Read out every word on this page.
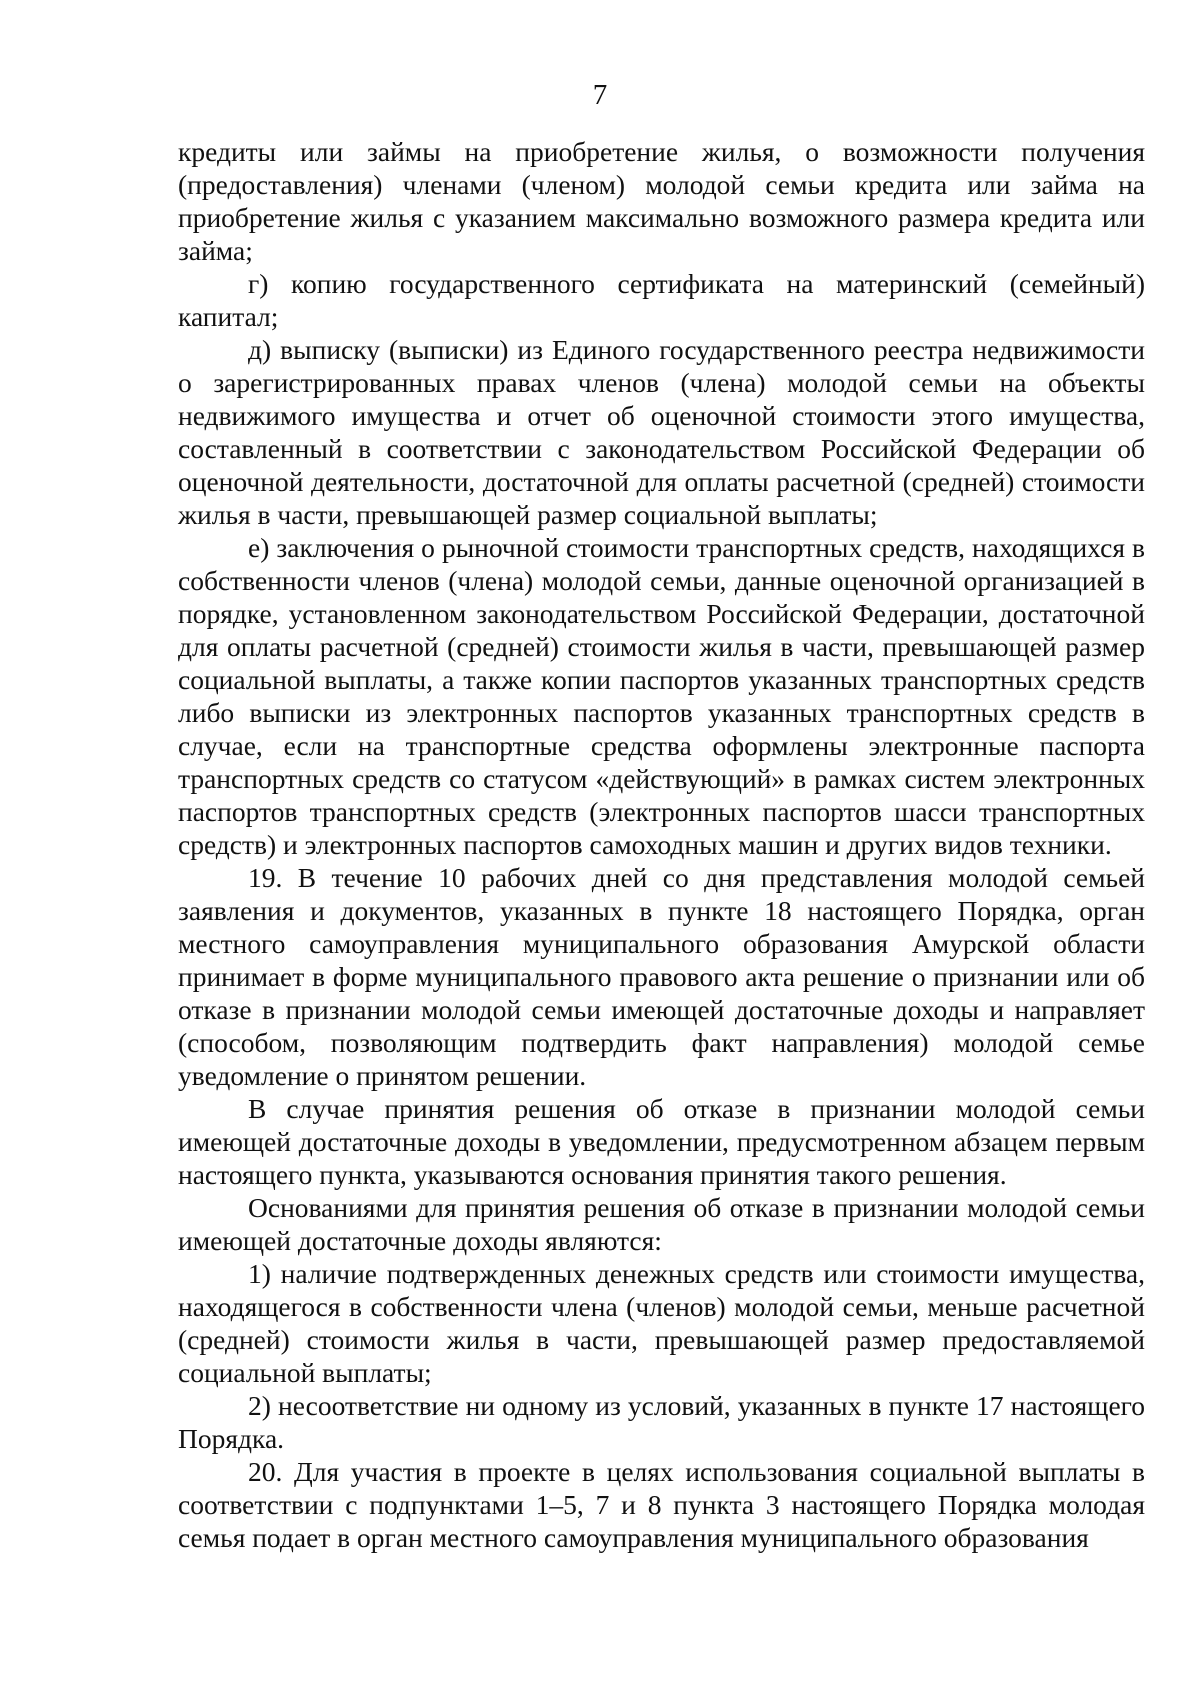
7

кредиты или займы на приобретение жилья, о возможности получения (предоставления) членами (членом) молодой семьи кредита или займа на приобретение жилья с указанием максимально возможного размера кредита или займа;

г) копию государственного сертификата на материнский (семейный) капитал;

д) выписку (выписки) из Единого государственного реестра недвижимости о зарегистрированных правах членов (члена) молодой семьи на объекты недвижимого имущества и отчет об оценочной стоимости этого имущества, составленный в соответствии с законодательством Российской Федерации об оценочной деятельности, достаточной для оплаты расчетной (средней) стоимости жилья в части, превышающей размер социальной выплаты;

е) заключения о рыночной стоимости транспортных средств, находящихся в собственности членов (члена) молодой семьи, данные оценочной организацией в порядке, установленном законодательством Российской Федерации, достаточной для оплаты расчетной (средней) стоимости жилья в части, превышающей размер социальной выплаты, а также копии паспортов указанных транспортных средств либо выписки из электронных паспортов указанных транспортных средств в случае, если на транспортные средства оформлены электронные паспорта транспортных средств со статусом «действующий» в рамках систем электронных паспортов транспортных средств (электронных паспортов шасси транспортных средств) и электронных паспортов самоходных машин и других видов техники.

19. В течение 10 рабочих дней со дня представления молодой семьей заявления и документов, указанных в пункте 18 настоящего Порядка, орган местного самоуправления муниципального образования Амурской области принимает в форме муниципального правового акта решение о признании или об отказе в признании молодой семьи имеющей достаточные доходы и направляет (способом, позволяющим подтвердить факт направления) молодой семье уведомление о принятом решении.

В случае принятия решения об отказе в признании молодой семьи имеющей достаточные доходы в уведомлении, предусмотренном абзацем первым настоящего пункта, указываются основания принятия такого решения.

Основаниями для принятия решения об отказе в признании молодой семьи имеющей достаточные доходы являются:

1) наличие подтвержденных денежных средств или стоимости имущества, находящегося в собственности члена (членов) молодой семьи, меньше расчетной (средней) стоимости жилья в части, превышающей размер предоставляемой социальной выплаты;

2) несоответствие ни одному из условий, указанных в пункте 17 настоящего Порядка.

20. Для участия в проекте в целях использования социальной выплаты в соответствии с подпунктами 1–5, 7 и 8 пункта 3 настоящего Порядка молодая семья подает в орган местного самоуправления муниципального образования
